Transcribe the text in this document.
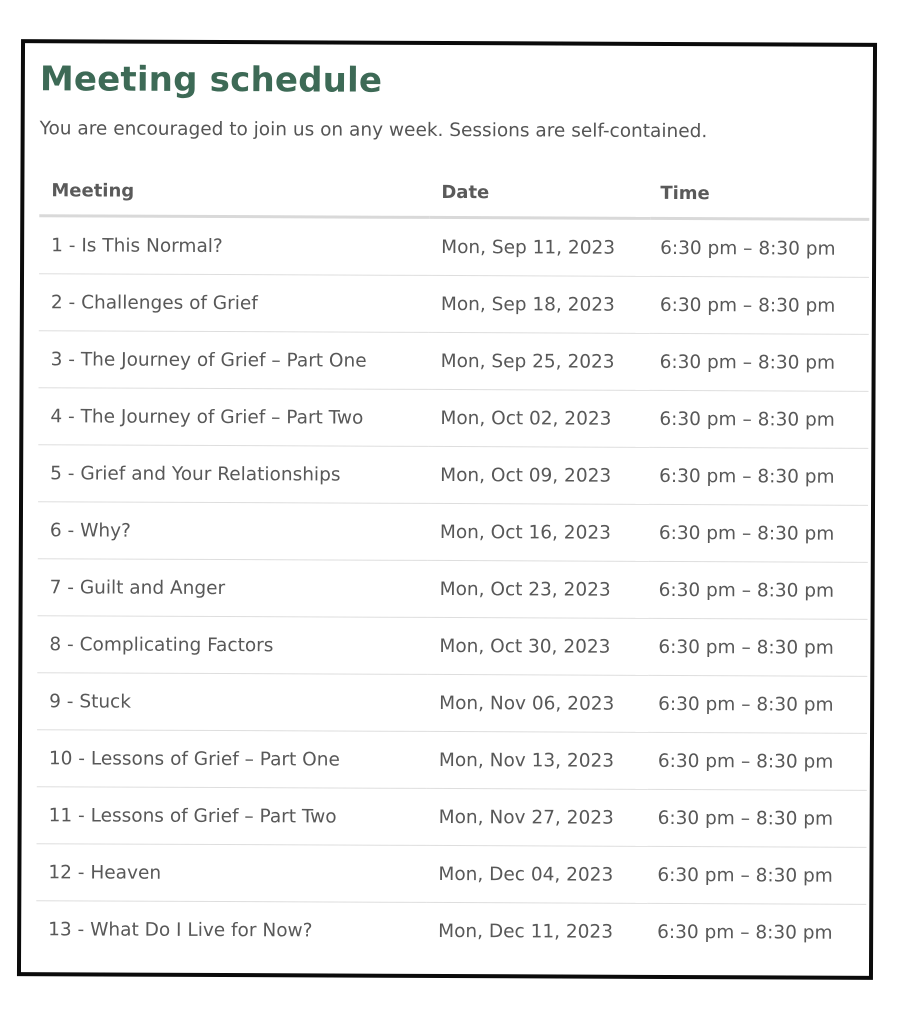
Meeting schedule

You are encouraged to join us on any week. Sessions are self-contained.

Meeting	Date	Time
1 - Is This Normal?	Mon, Sep 11, 2023	6:30 pm – 8:30 pm
2 - Challenges of Grief	Mon, Sep 18, 2023	6:30 pm – 8:30 pm
3 - The Journey of Grief – Part One	Mon, Sep 25, 2023	6:30 pm – 8:30 pm
4 - The Journey of Grief – Part Two	Mon, Oct 02, 2023	6:30 pm – 8:30 pm
5 - Grief and Your Relationships	Mon, Oct 09, 2023	6:30 pm – 8:30 pm
6 - Why?	Mon, Oct 16, 2023	6:30 pm – 8:30 pm
7 - Guilt and Anger	Mon, Oct 23, 2023	6:30 pm – 8:30 pm
8 - Complicating Factors	Mon, Oct 30, 2023	6:30 pm – 8:30 pm
9 - Stuck	Mon, Nov 06, 2023	6:30 pm – 8:30 pm
10 - Lessons of Grief – Part One	Mon, Nov 13, 2023	6:30 pm – 8:30 pm
11 - Lessons of Grief – Part Two	Mon, Nov 27, 2023	6:30 pm – 8:30 pm
12 - Heaven	Mon, Dec 04, 2023	6:30 pm – 8:30 pm
13 - What Do I Live for Now?	Mon, Dec 11, 2023	6:30 pm – 8:30 pm
